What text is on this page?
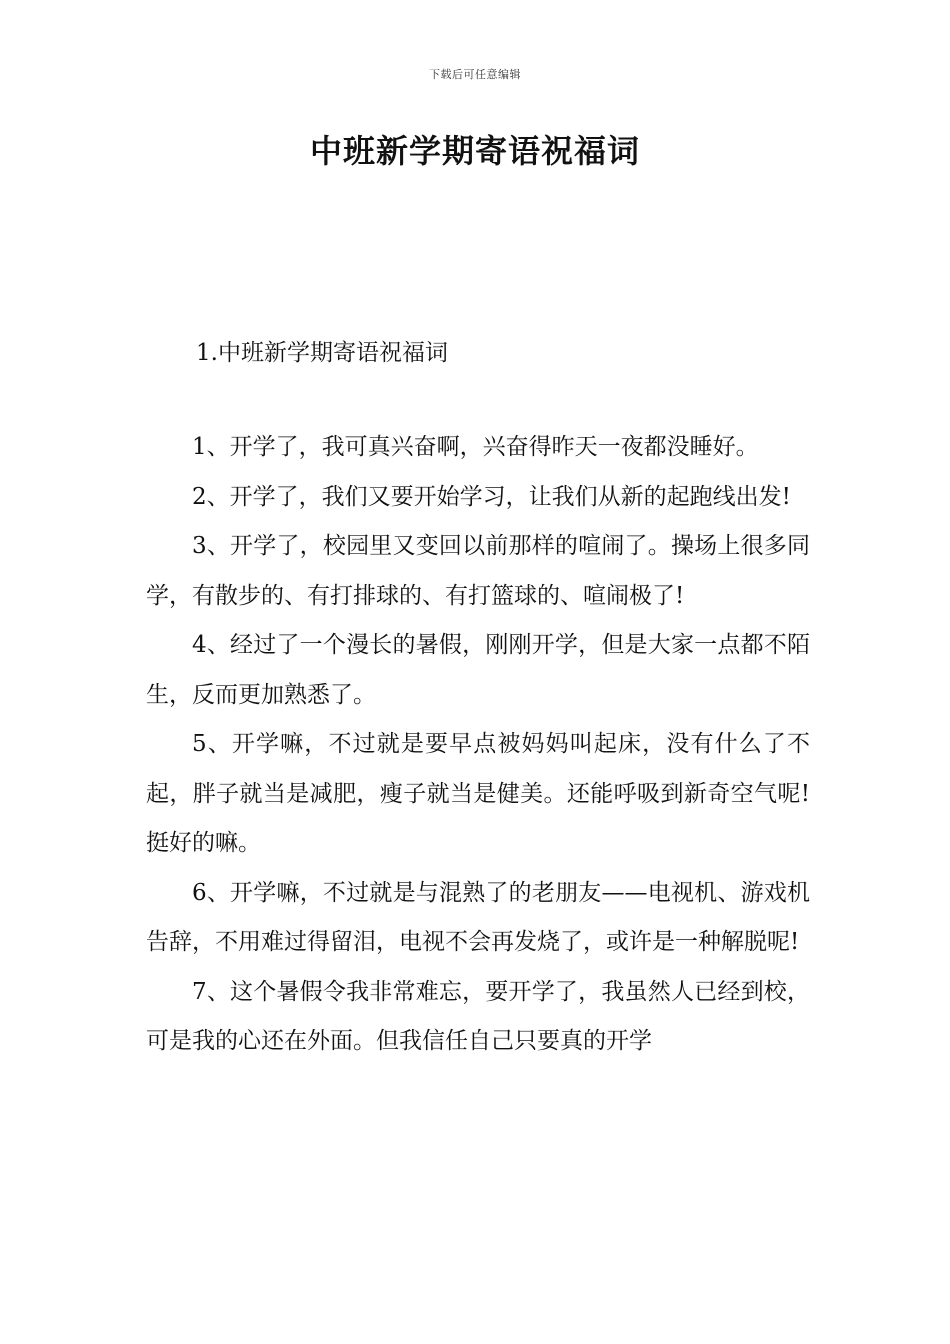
下载后可任意编辑
中班新学期寄语祝福词
1.中班新学期寄语祝福词

1、开学了，我可真兴奋啊，兴奋得昨天一夜都没睡好。

2、开学了，我们又要开始学习，让我们从新的起跑线出发!

3、开学了，校园里又变回以前那样的喧闹了。操场上很多同学，有散步的、有打排球的、有打篮球的、喧闹极了!

4、经过了一个漫长的暑假，刚刚开学，但是大家一点都不陌生，反而更加熟悉了。

5、开学嘛，不过就是要早点被妈妈叫起床，没有什么了不起，胖子就当是减肥，瘦子就当是健美。还能呼吸到新奇空气呢!挺好的嘛。

6、开学嘛，不过就是与混熟了的老朋友——电视机、游戏机告辞，不用难过得留泪，电视不会再发烧了，或许是一种解脱呢!

7、这个暑假令我非常难忘，要开学了，我虽然人已经到校，可是我的心还在外面。但我信任自己只要真的开学
